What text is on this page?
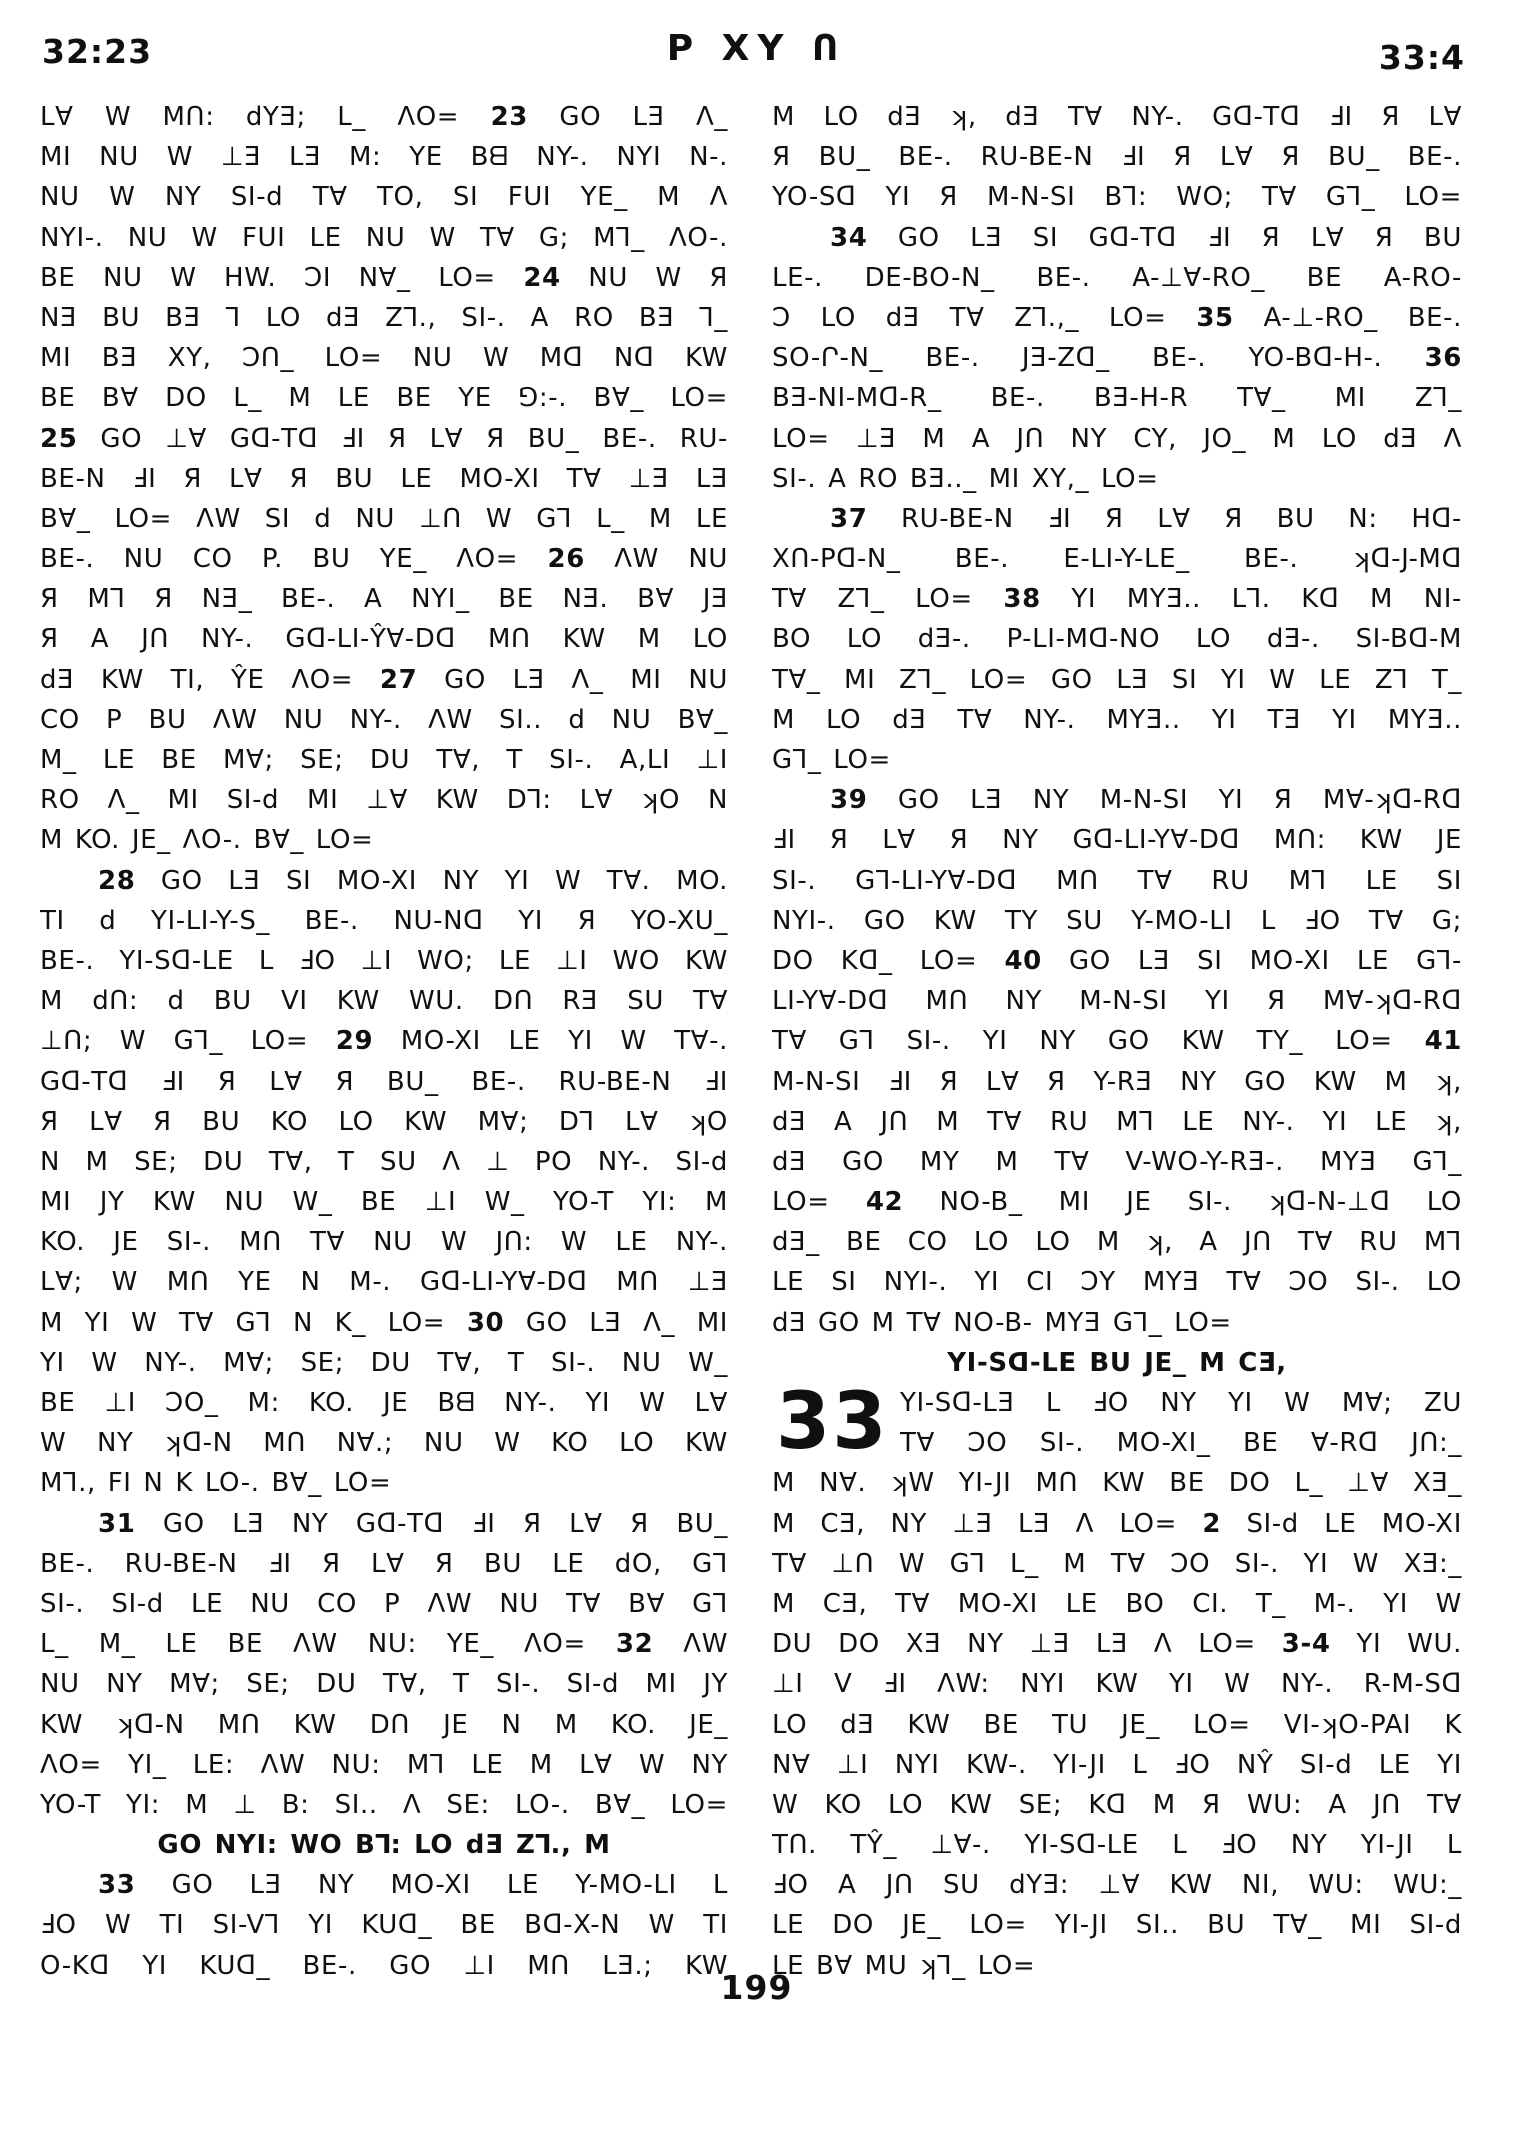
32:23	P XY Ո	33:4
L∀ W MՈ: dYƎ; L_ ΛO= 23 GO LƎ Λ_
MI NU W ⊥Ǝ LƎ M: YE Bᗺ NY-. NYI N-.
NU W NY SI-d T∀ TO, SI FUI YE_ M Λ
NYI-. NU W FUI LE NU W T∀ G; M⅂_ ΛO-.
BE NU W HW. ƆI N∀_ LO= 24 NU W Я
NƎ BU BƎ ⅂ LO dƎ Z⅂., SI-. A RO BƎ ⅂_
MI BƎ XY, ƆՈ_ LO= NU W Mᗡ Nᗡ KW
BE B∀ DO L_ M LE BE YE ⅁:-. B∀_ LO=
25 GO ⊥∀ Gᗡ-Tᗡ ℲI Я L∀ Я BU_ BE-. RU-
BE-N ℲI Я L∀ Я BU LE MO-XI T∀ ⊥Ǝ LƎ
B∀_ LO= ΛW SI d NU ⊥Ո W G⅂ L_ M LE
BE-. NU CO P. BU YE_ ΛO= 26 ΛW NU
Я M⅂ Я NƎ_ BE-. A NYI_ BE NƎ. B∀ JƎ
Я A JՈ NY-. Gᗡ-LI-Ŷ∀-Dᗡ MՈ KW M LO
dƎ KW TI, ŶE ΛO= 27 GO LƎ Λ_ MI NU
CO P BU ΛW NU NY-. ΛW SI.. d NU B∀_
M_ LE BE M∀; SE; DU T∀, T SI-. A,LI ⊥I
RO Λ_ MI SI-d MI ⊥∀ KW D⅂: L∀ ʞO N
M KO. JE_ ΛO-. B∀_ LO=
28 GO LƎ SI MO-XI NY YI W T∀. MO.
TI d YI-LI-Y-S_ BE-. NU-Nᗡ YI Я YO-XU_
BE-. YI-Sᗡ-LE L ℲO ⊥I WO; LE ⊥I WO KW
M dՈ: d BU VI KW WU. DՈ RƎ SU T∀
⊥Ո; W G⅂_ LO= 29 MO-XI LE YI W T∀-.
Gᗡ-Tᗡ ℲI Я L∀ Я BU_ BE-. RU-BE-N ℲI
Я L∀ Я BU KO LO KW M∀; D⅂ L∀ ʞO
N M SE; DU T∀, T SU Λ ⊥ PO NY-. SI-d
MI JY KW NU W_ BE ⊥I W_ YO-T YI: M
KO. JE SI-. MՈ T∀ NU W JՈ: W LE NY-.
L∀; W MՈ YE N M-. Gᗡ-LI-Y∀-Dᗡ MՈ ⊥Ǝ
M YI W T∀ G⅂ N K_ LO= 30 GO LƎ Λ_ MI
YI W NY-. M∀; SE; DU T∀, T SI-. NU W_
BE ⊥I ƆO_ M: KO. JE Bᗺ NY-. YI W L∀
W NY ʞᗡ-N MՈ N∀.; NU W KO LO KW
M⅂., FI N K LO-. B∀_ LO=
31 GO LƎ NY Gᗡ-Tᗡ ℲI Я L∀ Я BU_
BE-. RU-BE-N ℲI Я L∀ Я BU LE dO, G⅂
SI-. SI-d LE NU CO P ΛW NU T∀ B∀ G⅂
L_ M_ LE BE ΛW NU: YE_ ΛO= 32 ΛW
NU NY M∀; SE; DU T∀, T SI-. SI-d MI JY
KW ʞᗡ-N MՈ KW DՈ JE N M KO. JE_
ΛO= YI_ LE: ΛW NU: M⅂ LE M L∀ W NY
YO-T YI: M ⊥ B: SI.. Λ SE: LO-. B∀_ LO=
GO NYI: WO B⅂: LO dƎ Z⅂., M
33 GO LƎ NY MO-XI LE Y-MO-LI L
ℲO W TI SI-V⅂ YI KUᗡ_ BE Bᗡ-X-N W TI
O-Kᗡ YI KUᗡ_ BE-. GO ⊥I MՈ LƎ.; KW
M LO dƎ ʞ, dƎ T∀ NY-. Gᗡ-Tᗡ ℲI Я L∀
Я BU_ BE-. RU-BE-N ℲI Я L∀ Я BU_ BE-.
YO-Sᗡ YI Я M-N-SI B⅂: WO; T∀ G⅂_ LO=
34 GO LƎ SI Gᗡ-Tᗡ ℲI Я L∀ Я BU
LE-. DE-BO-N_ BE-. A-⊥∀-RO_ BE A-RO-
Ɔ LO dƎ T∀ Z⅂.,_ LO= 35 A-⊥-RO_ BE-.
SO-Ր-N_ BE-. JƎ-Zᗡ_ BE-. YO-Bᗡ-H-. 36
BƎ-NI-Mᗡ-R_ BE-. BƎ-H-R T∀_ MI Z⅂_
LO= ⊥Ǝ M A JՈ NY CY, JO_ M LO dƎ Λ
SI-. A RO BƎ.._ MI XY,_ LO=
37 RU-BE-N ℲI Я L∀ Я BU N: Hᗡ-
XՈ-Pᗡ-N_ BE-. E-LI-Y-LE_ BE-. ʞᗡ-J-Mᗡ
T∀ Z⅂_ LO= 38 YI MYƎ.. L⅂. Kᗡ M NI-
BO LO dƎ-. P-LI-Mᗡ-NO LO dƎ-. SI-Bᗡ-M
T∀_ MI Z⅂_ LO= GO LƎ SI YI W LE Z⅂ T_
M LO dƎ T∀ NY-. MYƎ.. YI TƎ YI MYƎ..
G⅂_ LO=
39 GO LƎ NY M-N-SI YI Я M∀-ʞᗡ-Rᗡ
ℲI Я L∀ Я NY Gᗡ-LI-Y∀-Dᗡ MՈ: KW JE
SI-. G⅂-LI-Y∀-Dᗡ MՈ T∀ RU M⅂ LE SI
NYI-. GO KW TY SU Y-MO-LI L ℲO T∀ G;
DO Kᗡ_ LO= 40 GO LƎ SI MO-XI LE G⅂-
LI-Y∀-Dᗡ MՈ NY M-N-SI YI Я M∀-ʞᗡ-Rᗡ
T∀ G⅂ SI-. YI NY GO KW TY_ LO= 41
M-N-SI ℲI Я L∀ Я Y-RƎ NY GO KW M ʞ,
dƎ A JՈ M T∀ RU M⅂ LE NY-. YI LE ʞ,
dƎ GO MY M T∀ V-WO-Y-RƎ-. MYƎ G⅂_
LO= 42 NO-B_ MI JE SI-. ʞᗡ-N-⊥ᗡ LO
dƎ_ BE CO LO LO M ʞ, A JՈ T∀ RU M⅂
LE SI NYI-. YI CI ƆY MYƎ T∀ ƆO SI-. LO
dƎ GO M T∀ NO-B- MYƎ G⅂_ LO=
YI-Sᗡ-LE BU JE_ M CƎ,
33 YI-Sᗡ-LƎ L ℲO NY YI W M∀; ZU
T∀ ƆO SI-. MO-XI_ BE ∀-Rᗡ JՈ:_
M N∀. ʞW YI-JI MՈ KW BE DO L_ ⊥∀ XƎ_
M CƎ, NY ⊥Ǝ LƎ Λ LO= 2 SI-d LE MO-XI
T∀ ⊥Ո W G⅂ L_ M T∀ ƆO SI-. YI W XƎ:_
M CƎ, T∀ MO-XI LE BO CI. T_ M-. YI W
DU DO XƎ NY ⊥Ǝ LƎ Λ LO= 3-4 YI WU.
⊥I V ℲI ΛW: NYI KW YI W NY-. R-M-Sᗡ
LO dƎ KW BE TU JE_ LO= VI-ʞO-PAI K
N∀ ⊥I NYI KW-. YI-JI L ℲO NŶ SI-d LE YI
W KO LO KW SE; Kᗡ M Я WU: A JՈ T∀
TՈ. TŶ_ ⊥∀-. YI-Sᗡ-LE L ℲO NY YI-JI L
ℲO A JՈ SU dYƎ: ⊥∀ KW NI, WU: WU:_
LE DO JE_ LO= YI-JI SI.. BU T∀_ MI SI-d
LE B∀ MU ʞ⅂_ LO=
199
